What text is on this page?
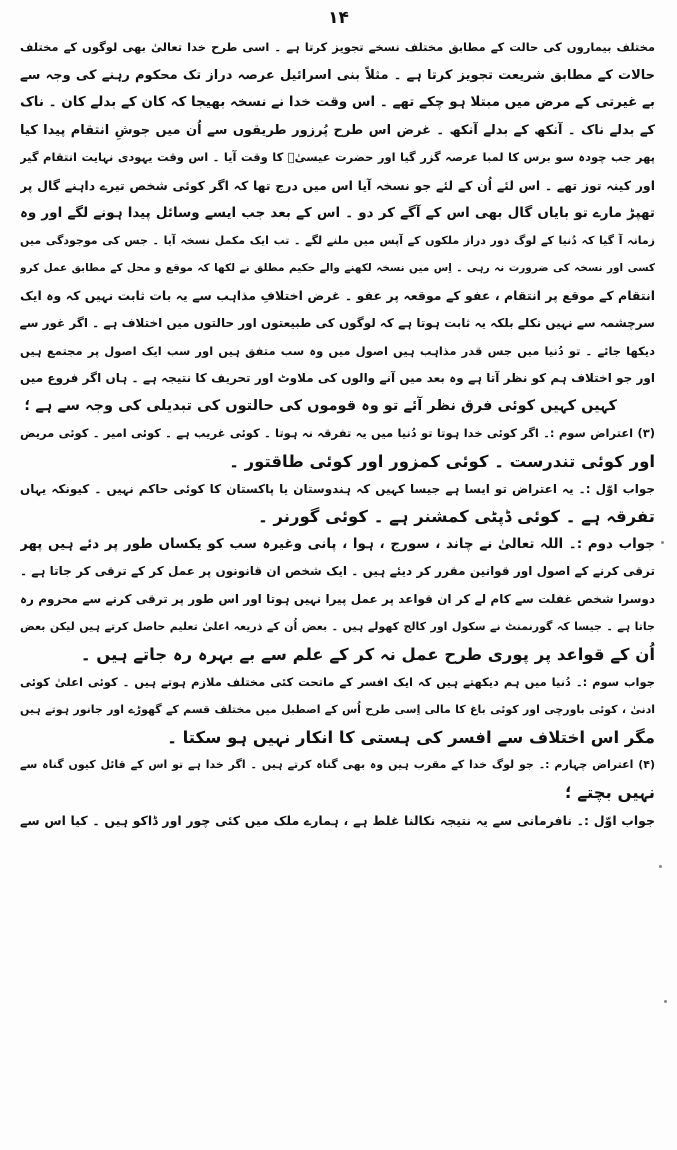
۱۴
مختلف بیماروں کی حالت کے مطابق مختلف نسخے تجویز کرتا ہے ۔ اسی طرح خدا تعالیٰ بھی لوگوں کے مختلف
حالات کے مطابق شریعت تجویز کرتا ہے ۔ مثلاً بنی اسرائیل عرصہ دراز تک محکوم رہنے کی وجہ سے
بے غیرتی کے مرض میں مبتلا ہو چکے تھے ۔ اس وقت خدا نے نسخہ بھیجا کہ کان کے بدلے کان ۔ ناک
کے بدلے ناک ۔ آنکھ کے بدلے آنکھ ۔ غرض اس طرح پُرزور طریقوں سے اُن میں جوشِ انتقام پیدا کیا
پھر جب چودہ سو برس کا لمبا عرصہ گزر گیا اور حضرت عیسیٰؑ کا وقت آیا ۔ اس وقت یہودی نہایت انتقام گیر
اور کینہ توز تھے ۔ اس لئے اُن کے لئے جو نسخہ آیا اس میں درج تھا کہ اگر کوئی شخص تیرے داہنے گال پر
تھپڑ مارے تو بایاں گال بھی اس کے آگے کر دو ۔ اس کے بعد جب ایسے وسائل پیدا ہونے لگے اور وہ
زمانہ آ گیا کہ دُنیا کے لوگ دور دراز ملکوں کے آپس میں ملنے لگے ۔ تب ایک مکمل نسخہ آیا ۔ جس کی موجودگی میں
کسی اور نسخہ کی ضرورت نہ رہی ۔ اِس میں نسخہ لکھنے والے حکیم مطلق نے لکھا کہ موقع و محل کے مطابق عمل کرو
انتقام کے موقع پر انتقام ، عفو کے موقعہ پر عفو ۔ غرض اختلافِ مذاہب سے یہ بات ثابت نہیں کہ وہ ایک
سرچشمہ سے نہیں نکلے بلکہ یہ ثابت ہوتا ہے کہ لوگوں کی طبیعتوں اور حالتوں میں اختلاف ہے ۔ اگر غور سے
دیکھا جائے ۔ تو دُنیا میں جس قدر مذاہب ہیں اصول میں وہ سب متفق ہیں اور سب ایک اصول پر مجتمع ہیں
اور جو اختلاف ہم کو نظر آتا ہے وہ بعد میں آنے والوں کی ملاوٹ اور تحریف کا نتیجہ ہے ۔ ہاں اگر فروع میں
کہیں کہیں کوئی فرق نظر آئے تو وہ قوموں کی حالتوں کی تبدیلی کی وجہ سے ہے ؛
(۳) اعتراض سوم :۔ اگر کوئی خدا ہوتا تو دُنیا میں یہ تفرقہ نہ ہوتا ۔ کوئی غریب ہے ۔ کوئی امیر ۔ کوئی مریض
اور کوئی تندرست ۔ کوئی کمزور اور کوئی طاقتور ۔
جواب اوّل :۔ یہ اعتراض تو ایسا ہے جیسا کہیں کہ ہندوستان یا پاکستان کا کوئی حاکم نہیں ۔ کیونکہ یہاں
تفرقہ ہے ۔ کوئی ڈپٹی کمشنر ہے ۔ کوئی گورنر ۔
جواب دوم :۔ اللہ تعالیٰ نے چاند ، سورج ، ہوا ، پانی وغیرہ سب کو یکساں طور پر دئے ہیں پھر
ترقی کرنے کے اصول اور قوانین مقرر کر دیئے ہیں ۔ ایک شخص ان قانونوں پر عمل کر کے ترقی کر جاتا ہے ۔
دوسرا شخص غفلت سے کام لے کر ان قواعد پر عمل پیرا نہیں ہوتا اور اس طور پر ترقی کرنے سے محروم رہ
جاتا ہے ۔ جیسا کہ گورنمنٹ نے سکول اور کالج کھولے ہیں ۔ بعض اُن کے ذریعہ اعلیٰ تعلیم حاصل کرتے ہیں لیکن بعض
اُن کے قواعد پر پوری طرح عمل نہ کر کے علم سے بے بہرہ رہ جاتے ہیں ۔
جواب سوم :۔ دُنیا میں ہم دیکھتے ہیں کہ ایک افسر کے ماتحت کئی مختلف ملازم ہوتے ہیں ۔ کوئی اعلیٰ کوئی
ادنیٰ ، کوئی باورچی اور کوئی باغ کا مالی اِسی طرح اُس کے اصطبل میں مختلف قسم کے گھوڑے اور جانور ہوتے ہیں
مگر اس اختلاف سے افسر کی ہستی کا انکار نہیں ہو سکتا ۔
(۴) اعتراض چہارم :۔ جو لوگ خدا کے مقرب ہیں وہ بھی گناہ کرتے ہیں ۔ اگر خدا ہے تو اس کے قائل کیوں گناہ سے
نہیں بچتے ؛
جواب اوّل :۔ نافرمانی سے یہ نتیجہ نکالنا غلط ہے ، ہمارے ملک میں کئی چور اور ڈاکو ہیں ۔ کیا اس سے
